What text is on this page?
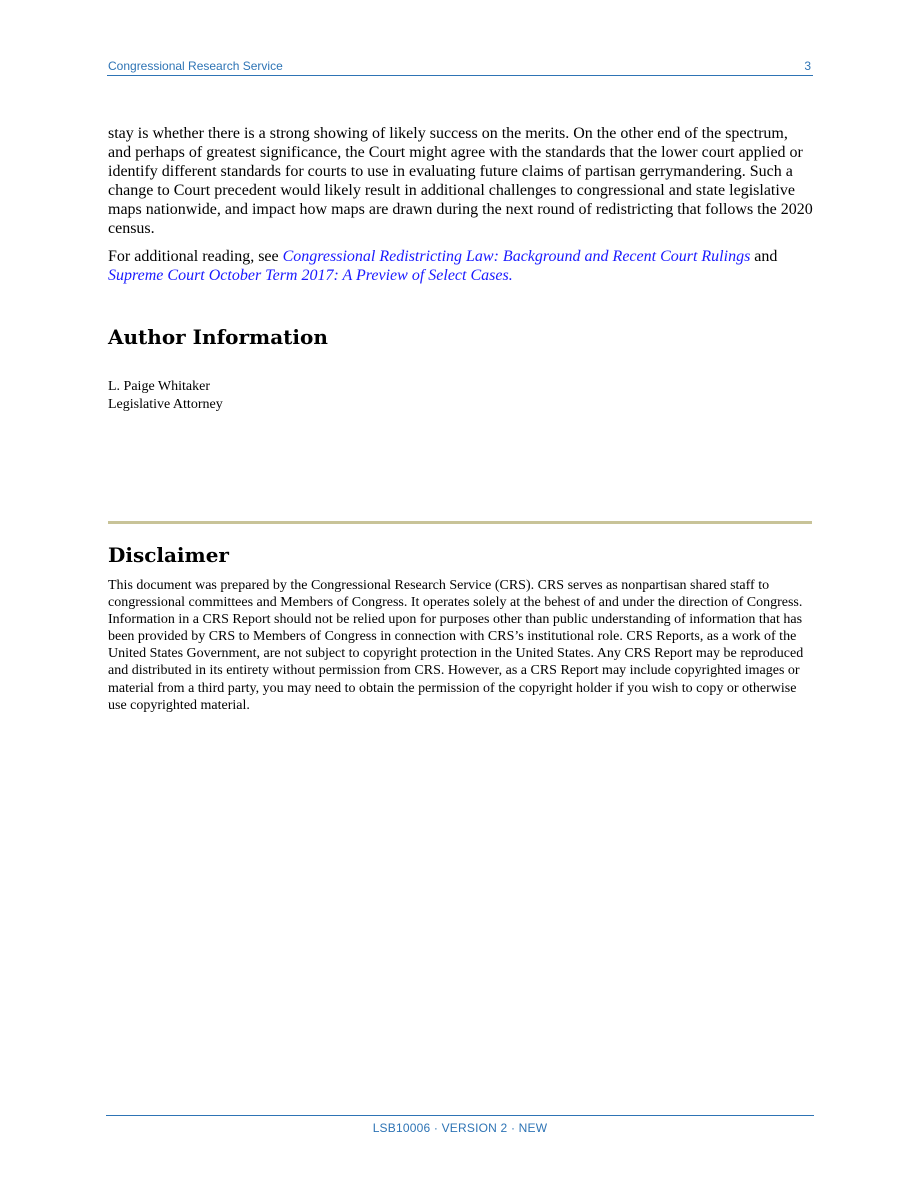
Congressional Research Service	3

stay is whether there is a strong showing of likely success on the merits. On the other end of the spectrum, and perhaps of greatest significance, the Court might agree with the standards that the lower court applied or identify different standards for courts to use in evaluating future claims of partisan gerrymandering. Such a change to Court precedent would likely result in additional challenges to congressional and state legislative maps nationwide, and impact how maps are drawn during the next round of redistricting that follows the 2020 census.

For additional reading, see Congressional Redistricting Law: Background and Recent Court Rulings and Supreme Court October Term 2017: A Preview of Select Cases.

Author Information
L. Paige Whitaker
Legislative Attorney
Disclaimer

This document was prepared by the Congressional Research Service (CRS). CRS serves as nonpartisan shared staff to congressional committees and Members of Congress. It operates solely at the behest of and under the direction of Congress. Information in a CRS Report should not be relied upon for purposes other than public understanding of information that has been provided by CRS to Members of Congress in connection with CRS’s institutional role. CRS Reports, as a work of the United States Government, are not subject to copyright protection in the United States. Any CRS Report may be reproduced and distributed in its entirety without permission from CRS. However, as a CRS Report may include copyrighted images or material from a third party, you may need to obtain the permission of the copyright holder if you wish to copy or otherwise use copyrighted material.

LSB10006 · VERSION 2 · NEW
